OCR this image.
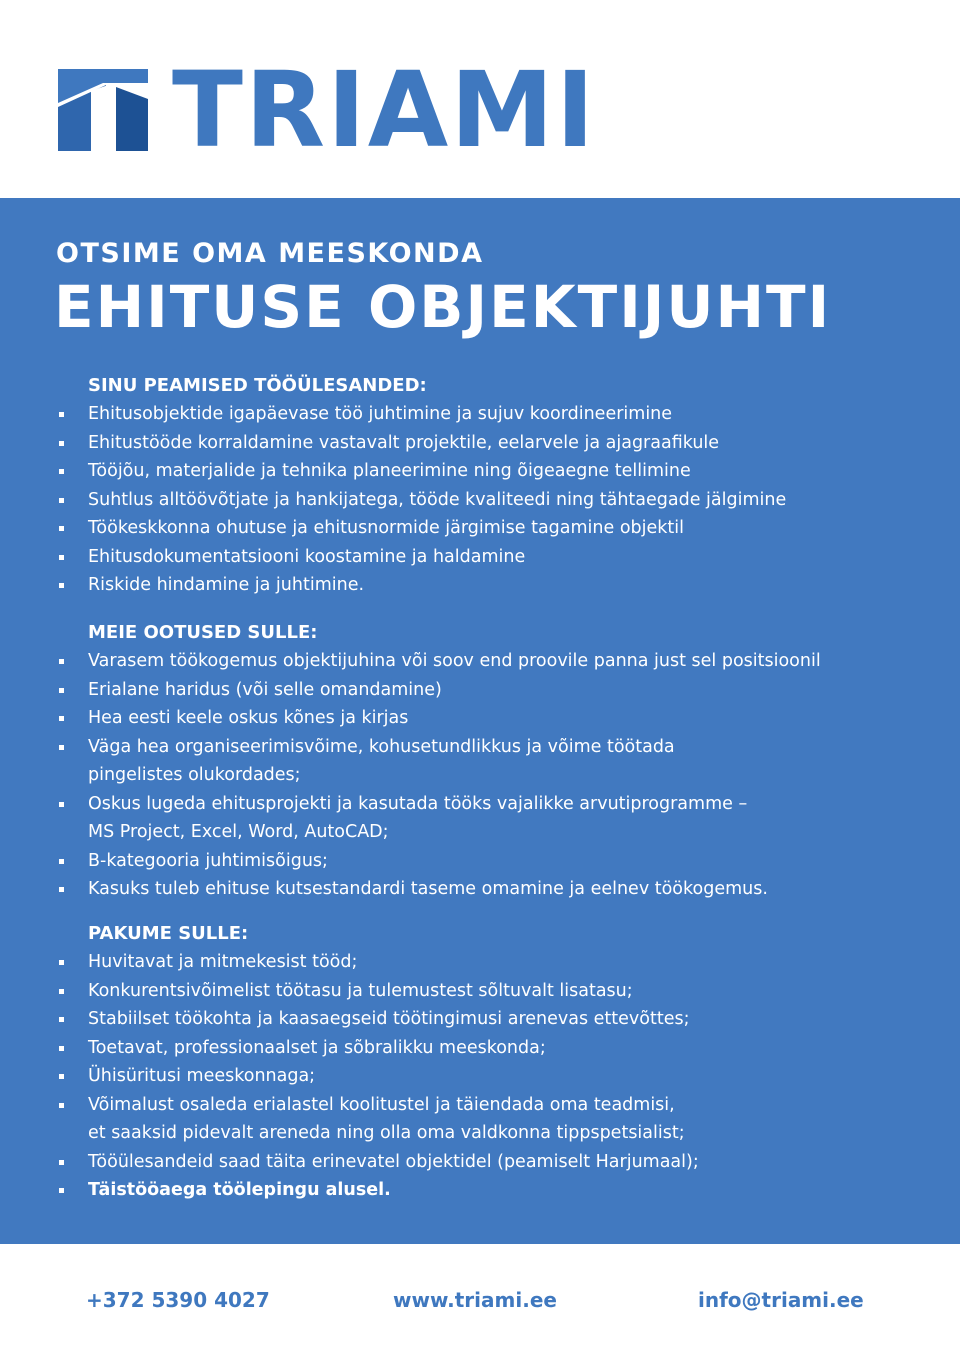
TRIAMI
OTSIME OMA MEESKONDA
EHITUSE OBJEKTIJUHTI
SINU PEAMISED TÖÖÜLESANDED:
Ehitusobjektide igapäevase töö juhtimine ja sujuv koordineerimine
Ehitustööde korraldamine vastavalt projektile, eelarvele ja ajagraafikule
Tööjõu, materjalide ja tehnika planeerimine ning õigeaegne tellimine
Suhtlus alltöövõtjate ja hankijatega, tööde kvaliteedi ning tähtaegade jälgimine
Töökeskkonna ohutuse ja ehitusnormide järgimise tagamine objektil
Ehitusdokumentatsiooni koostamine ja haldamine
Riskide hindamine ja juhtimine.
MEIE OOTUSED SULLE:
Varasem töökogemus objektijuhina või soov end proovile panna just sel positsioonil
Erialane haridus (või selle omandamine)
Hea eesti keele oskus kõnes ja kirjas
Väga hea organiseerimisvõime, kohusetundlikkus ja võime töötada
pingelistes olukordades;
Oskus lugeda ehitusprojekti ja kasutada tööks vajalikke arvutiprogramme –
MS Project, Excel, Word, AutoCAD;
B-kategooria juhtimisõigus;
Kasuks tuleb ehituse kutsestandardi taseme omamine ja eelnev töökogemus.
PAKUME SULLE:
Huvitavat ja mitmekesist tööd;
Konkurentsivõimelist töötasu ja tulemustest sõltuvalt lisatasu;
Stabiilset töökohta ja kaasaegseid töötingimusi arenevas ettevõttes;
Toetavat, professionaalset ja sõbralikku meeskonda;
Ühisüritusi meeskonnaga;
Võimalust osaleda erialastel koolitustel ja täiendada oma teadmisi,
et saaksid pidevalt areneda ning olla oma valdkonna tippspetsialist;
Tööülesandeid saad täita erinevatel objektidel (peamiselt Harjumaal);
Täistööaega töölepingu alusel.
+372 5390 4027	www.triami.ee	info@triami.ee
